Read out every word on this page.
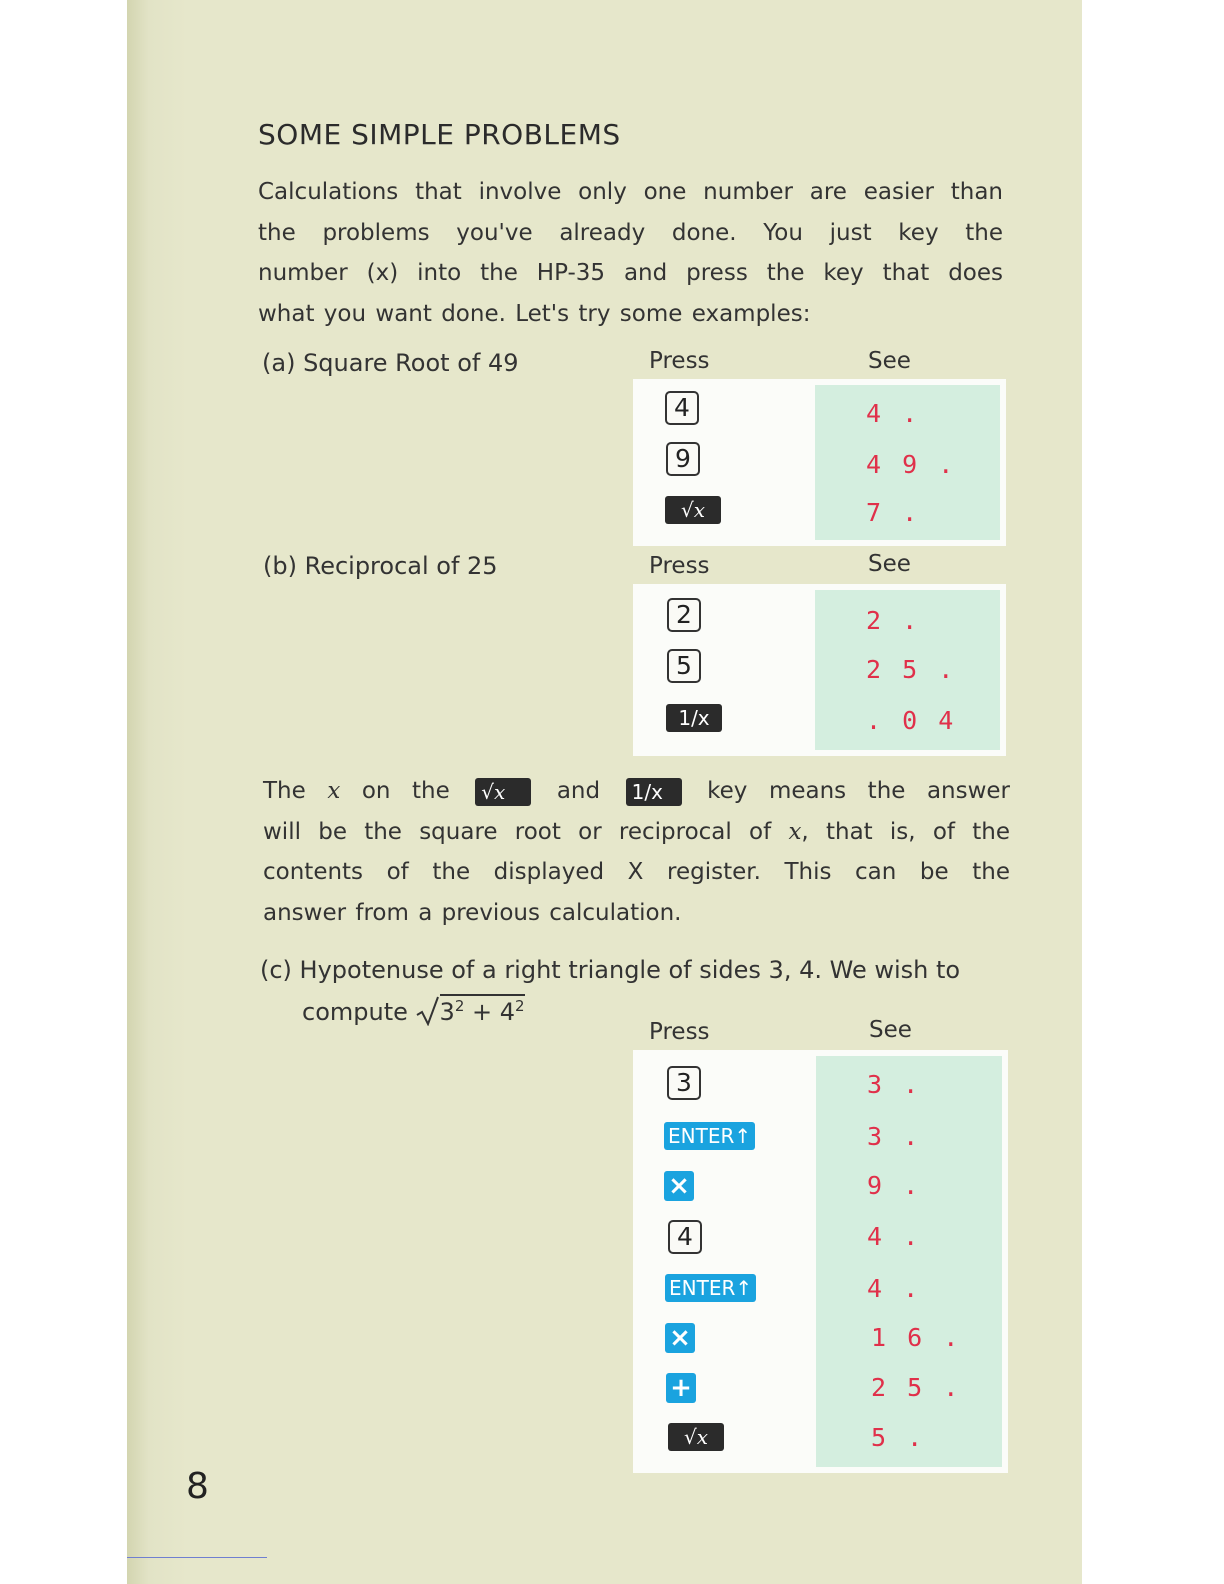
SOME SIMPLE PROBLEMS

Calculations that involve only one number are easier than
the problems you've already done. You just key the
number (x) into the HP-35 and press the key that does
what you want done. Let's try some examples:

(a) Square Root of 49	Press	See

4	4 .
9	4 9 .
√x	7 .

(b) Reciprocal of 25	Press	See

2	2 .
5	2 5 .
1/x	. 0 4

The x on the √x and 1/x key means the answer
will be the square root or reciprocal of x, that is, of the
contents of the displayed X register. This can be the
answer from a previous calculation.

(c) Hypotenuse of a right triangle of sides 3, 4. We wish to

compute $3^2 + 4^2$

Press	See

3	3 .
ENTER↑	3 .
×	9 .
4	4 .
ENTER↑	4 .
×	1 6 .
+	2 5 .
√x	5 .

8
